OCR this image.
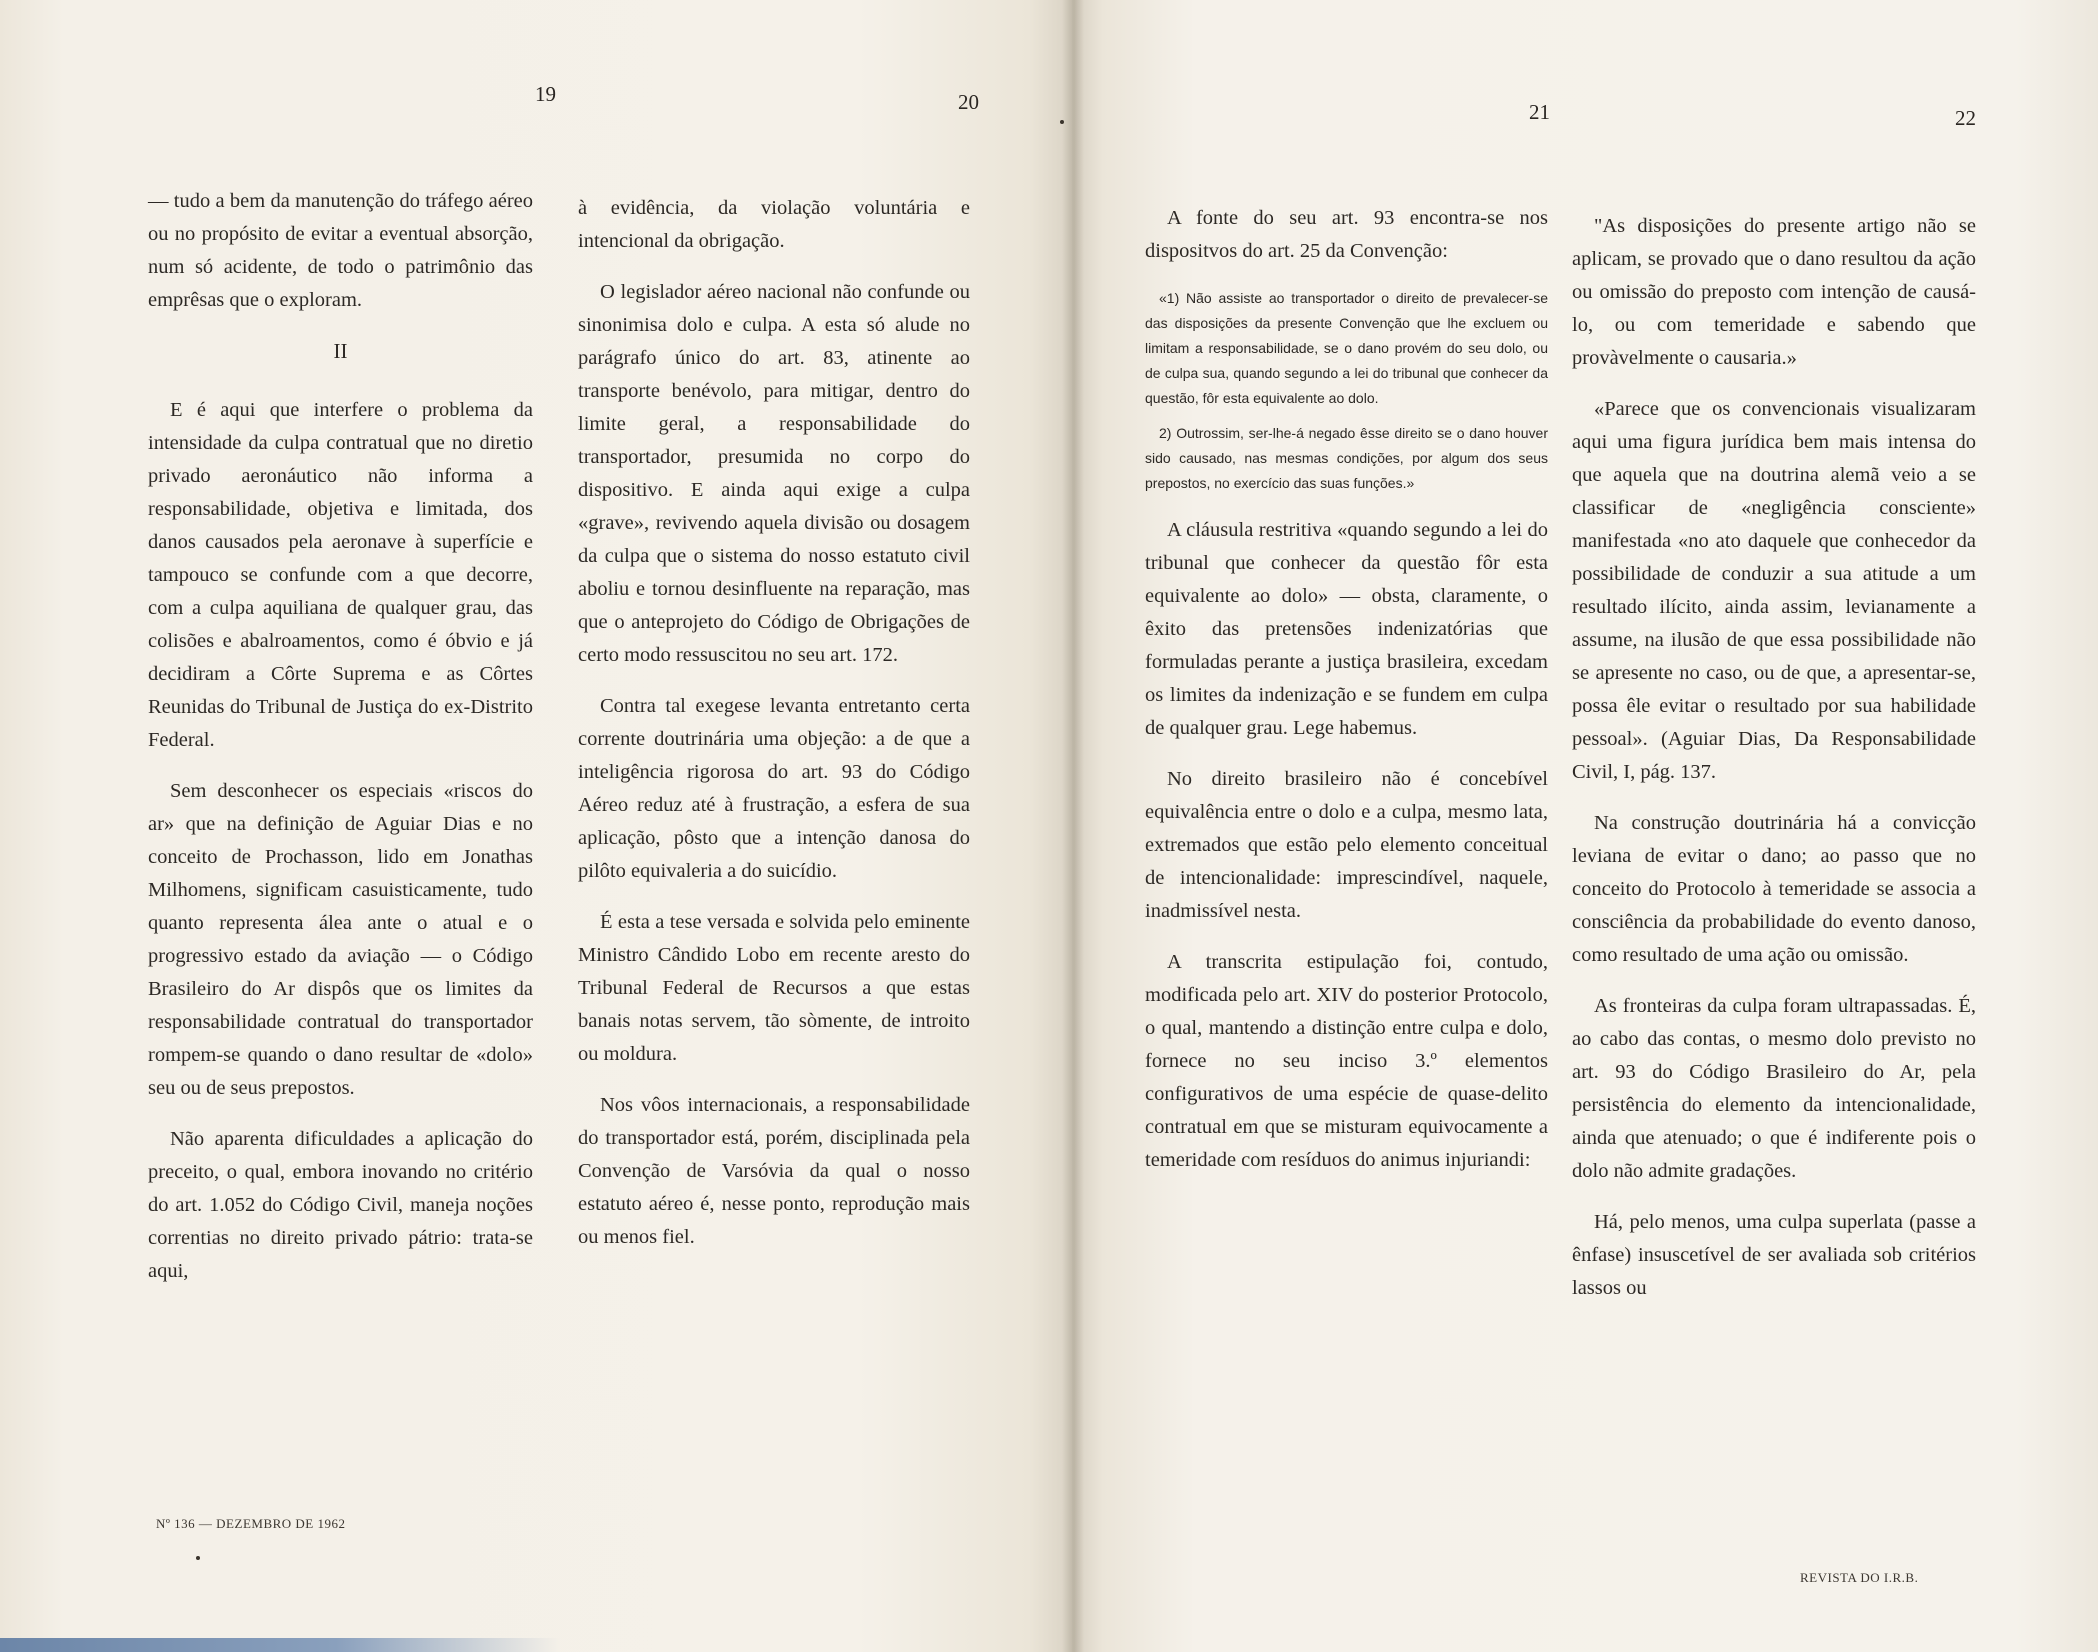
19	20	21	22

— tudo a bem da manutenção do tráfego aéreo ou no propósito de evitar a eventual absorção, num só acidente, de todo o patrimônio das emprêsas que o exploram.

II

E é aqui que interfere o problema da intensidade da culpa contratual que no diretio privado aeronáutico não informa a responsabilidade, objetiva e limitada, dos danos causados pela aeronave à superfície e tampouco se confunde com a que decorre, com a culpa aquiliana de qualquer grau, das colisões e abalroamentos, como é óbvio e já decidiram a Côrte Suprema e as Côrtes Reunidas do Tribunal de Justiça do ex-Distrito Federal.

Sem desconhecer os especiais «riscos do ar» que na definição de Aguiar Dias e no conceito de Prochasson, lido em Jonathas Milhomens, significam casuisticamente, tudo quanto representa álea ante o atual e o progressivo estado da aviação — o Código Brasileiro do Ar dispôs que os limites da responsabilidade contratual do transportador rompem-se quando o dano resultar de «dolo» seu ou de seus prepostos.

Não aparenta dificuldades a aplicação do preceito, o qual, embora inovando no critério do art. 1.052 do Código Civil, maneja noções correntias no direito privado pátrio: trata-se aqui,

à evidência, da violação voluntária e intencional da obrigação.

O legislador aéreo nacional não confunde ou sinonimisa dolo e culpa. A esta só alude no parágrafo único do art. 83, atinente ao transporte benévolo, para mitigar, dentro do limite geral, a responsabilidade do transportador, presumida no corpo do dispositivo. E ainda aqui exige a culpa «grave», revivendo aquela divisão ou dosagem da culpa que o sistema do nosso estatuto civil aboliu e tornou desinfluente na reparação, mas que o anteprojeto do Código de Obrigações de certo modo ressuscitou no seu art. 172.

Contra tal exegese levanta entretanto certa corrente doutrinária uma objeção: a de que a inteligência rigorosa do art. 93 do Código Aéreo reduz até à frustração, a esfera de sua aplicação, pôsto que a intenção danosa do pilôto equivaleria a do suicídio.

É esta a tese versada e solvida pelo eminente Ministro Cândido Lobo em recente aresto do Tribunal Federal de Recursos a que estas banais notas servem, tão sòmente, de introito ou moldura.

Nos vôos internacionais, a responsabilidade do transportador está, porém, disciplinada pela Convenção de Varsóvia da qual o nosso estatuto aéreo é, nesse ponto, reprodução mais ou menos fiel.

A fonte do seu art. 93 encontra-se nos dispositvos do art. 25 da Convenção:

«1) Não assiste ao transportador o direito de prevalecer-se das disposições da presente Convenção que lhe excluem ou limitam a responsabilidade, se o dano provém do seu dolo, ou de culpa sua, quando segundo a lei do tribunal que conhecer da questão, fôr esta equivalente ao dolo.
2) Outrossim, ser-lhe-á negado êsse direito se o dano houver sido causado, nas mesmas condições, por algum dos seus prepostos, no exercício das suas funções.»

A cláusula restritiva «quando segundo a lei do tribunal que conhecer da questão fôr esta equivalente ao dolo» — obsta, claramente, o êxito das pretensões indenizatórias que formuladas perante a justiça brasileira, excedam os limites da indenização e se fundem em culpa de qualquer grau. Lege habemus.

No direito brasileiro não é concebível equivalência entre o dolo e a culpa, mesmo lata, extremados que estão pelo elemento conceitual de intencionalidade: imprescindível, naquele, inadmissível nesta.

A transcrita estipulação foi, contudo, modificada pelo art. XIV do posterior Protocolo, o qual, mantendo a distinção entre culpa e dolo, fornece no seu inciso 3.º elementos configurativos de uma espécie de quase-delito contratual em que se misturam equivocamente a temeridade com resíduos do animus injuriandi:

"As disposições do presente artigo não se aplicam, se provado que o dano resultou da ação ou omissão do preposto com intenção de causá-lo, ou com temeridade e sabendo que provàvelmente o causaria.»

«Parece que os convencionais visualizaram aqui uma figura jurídica bem mais intensa do que aquela que na doutrina alemã veio a se classificar de «negligência consciente» manifestada «no ato daquele que conhecedor da possibilidade de conduzir a sua atitude a um resultado ilícito, ainda assim, levianamente a assume, na ilusão de que essa possibilidade não se apresente no caso, ou de que, a apresentar-se, possa êle evitar o resultado por sua habilidade pessoal». (Aguiar Dias, Da Responsabilidade Civil, I, pág. 137.

Na construção doutrinária há a convicção leviana de evitar o dano; ao passo que no conceito do Protocolo à temeridade se associa a consciência da probabilidade do evento danoso, como resultado de uma ação ou omissão.

As fronteiras da culpa foram ultrapassadas. É, ao cabo das contas, o mesmo dolo previsto no art. 93 do Código Brasileiro do Ar, pela persistência do elemento da intencionalidade, ainda que atenuado; o que é indiferente pois o dolo não admite gradações.

Há, pelo menos, uma culpa superlata (passe a ênfase) insuscetível de ser avaliada sob critérios lassos ou

Nº 136 — DEZEMBRO DE 1962
REVISTA DO I.R.B.
